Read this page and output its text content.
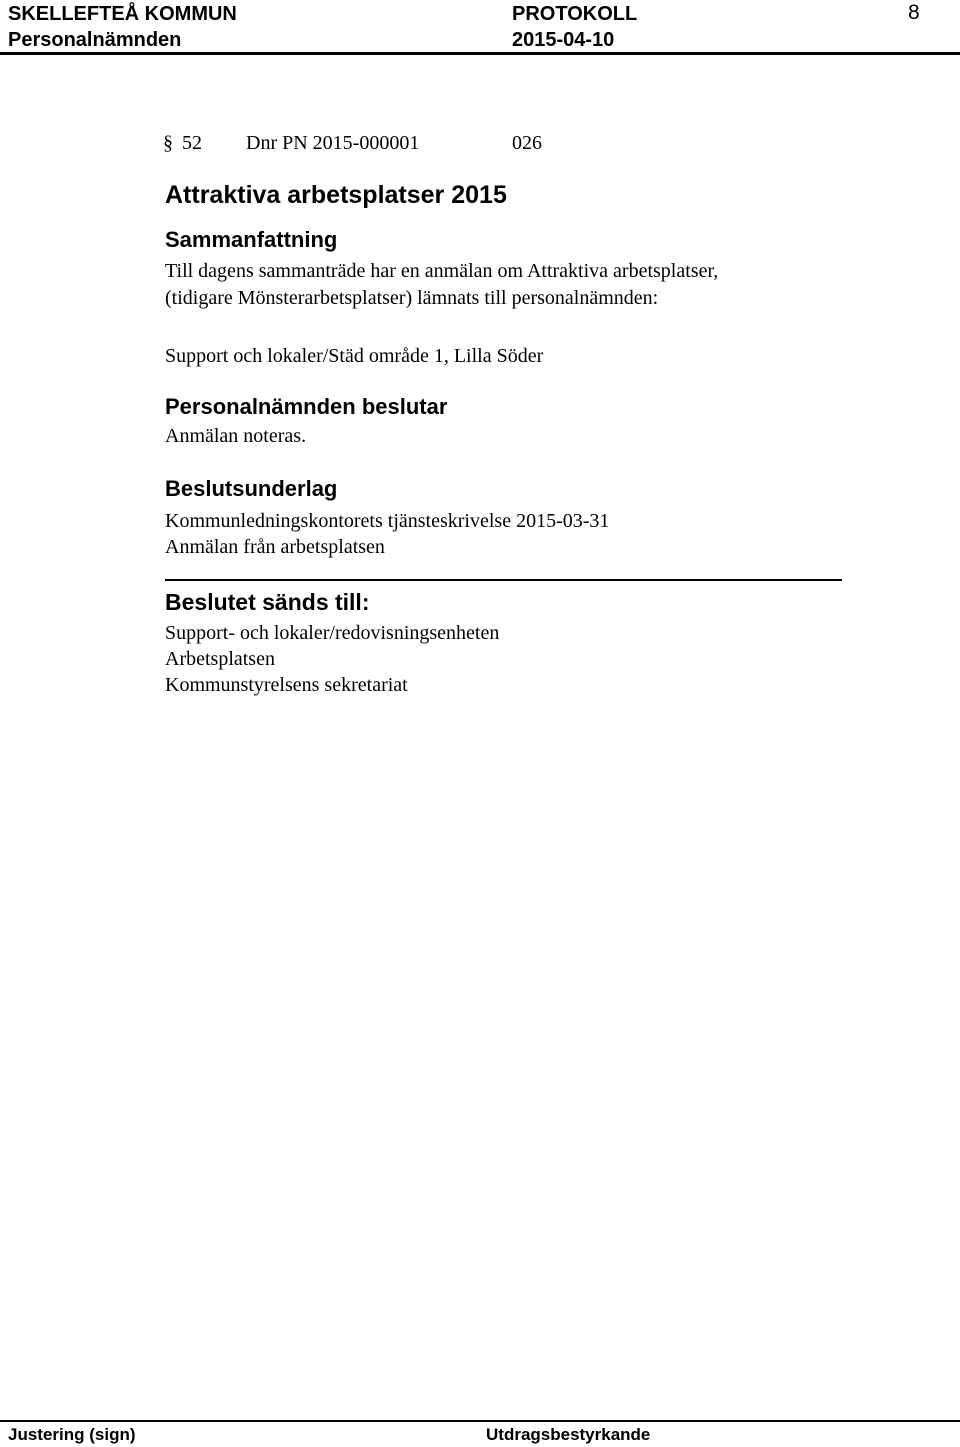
SKELLEFTEÅ KOMMUN
Personalnämnden
PROTOKOLL
2015-04-10
8
§ 52 Dnr PN 2015-000001	026
Attraktiva arbetsplatser 2015
Sammanfattning
Till dagens sammanträde har en anmälan om Attraktiva arbetsplatser,
(tidigare Mönsterarbetsplatser) lämnats till personalnämnden:
Support och lokaler/Städ område 1, Lilla Söder
Personalnämnden beslutar
Anmälan noteras.
Beslutsunderlag
Kommunledningskontorets tjänsteskrivelse 2015-03-31
Anmälan från arbetsplatsen
Beslutet sänds till:
Support- och lokaler/redovisningsenheten
Arbetsplatsen
Kommunstyrelsens sekretariat
Justering (sign)	Utdragsbestyrkande
